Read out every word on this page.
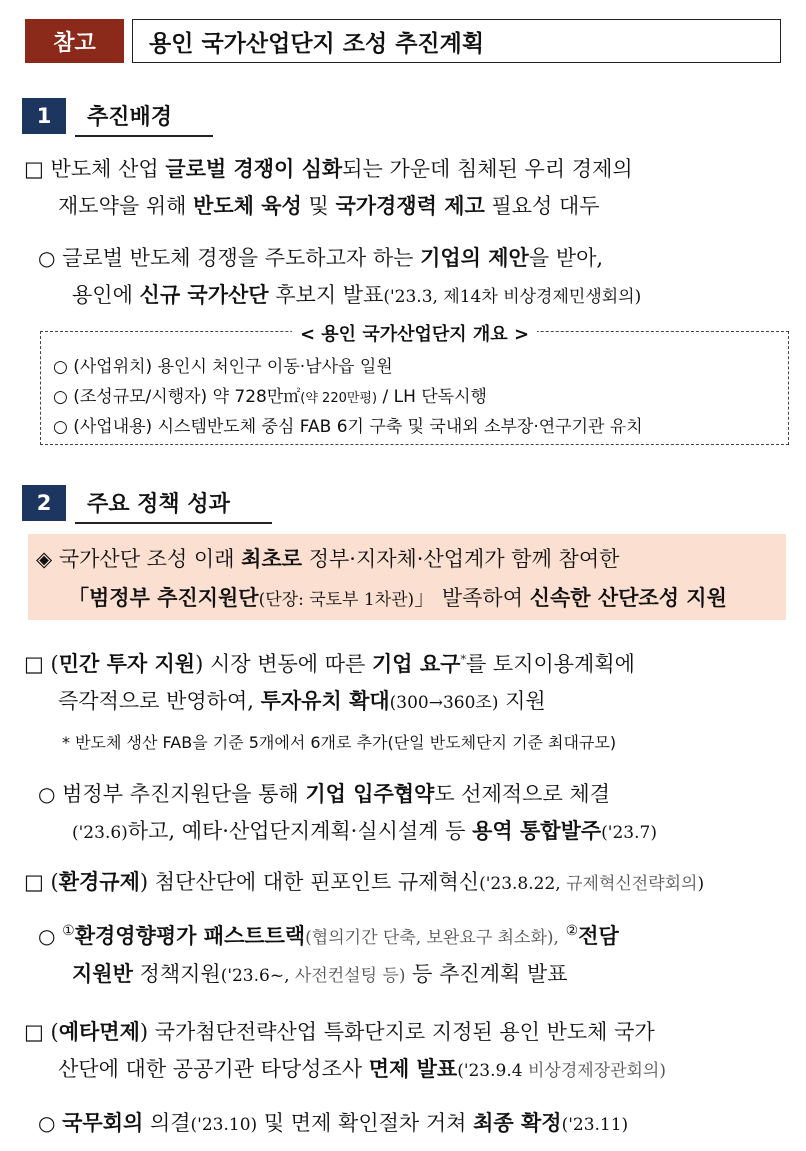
참고	용인 국가산업단지 조성 추진계획
1	추진배경
□ 반도체 산업 글로벌 경쟁이 심화되는 가운데 침체된 우리 경제의
재도약을 위해 반도체 육성 및 국가경쟁력 제고 필요성 대두
○ 글로벌 반도체 경쟁을 주도하고자 하는 기업의 제안을 받아,
용인에 신규 국가산단 후보지 발표('23.3, 제14차 비상경제민생회의)
< 용인 국가산업단지 개요 >
○ (사업위치) 용인시 처인구 이동·남사읍 일원
○ (조성규모/시행자) 약 728만㎡(약 220만평) / LH 단독시행
○ (사업내용) 시스템반도체 중심 FAB 6기 구축 및 국내외 소부장·연구기관 유치
2	주요 정책 성과
◈ 국가산단 조성 이래 최초로 정부·지자체·산업계가 함께 참여한
「범정부 추진지원단(단장: 국토부 1차관)」 발족하여 신속한 산단조성 지원
□ (민간 투자 지원) 시장 변동에 따른 기업 요구*를 토지이용계획에
즉각적으로 반영하여, 투자유치 확대(300→360조) 지원
* 반도체 생산 FAB을 기준 5개에서 6개로 추가(단일 반도체단지 기준 최대규모)
○ 범정부 추진지원단을 통해 기업 입주협약도 선제적으로 체결
('23.6)하고, 예타·산업단지계획·실시설계 등 용역 통합발주('23.7)
□ (환경규제) 첨단산단에 대한 핀포인트 규제혁신('23.8.22, 규제혁신전략회의)
○ ①환경영향평가 패스트트랙(협의기간 단축, 보완요구 최소화), ②전담
지원반 정책지원('23.6~, 사전컨설팅 등) 등 추진계획 발표
□ (예타면제) 국가첨단전략산업 특화단지로 지정된 용인 반도체 국가
산단에 대한 공공기관 타당성조사 면제 발표('23.9.4 비상경제장관회의)
○ 국무회의 의결('23.10) 및 면제 확인절차 거쳐 최종 확정('23.11)
